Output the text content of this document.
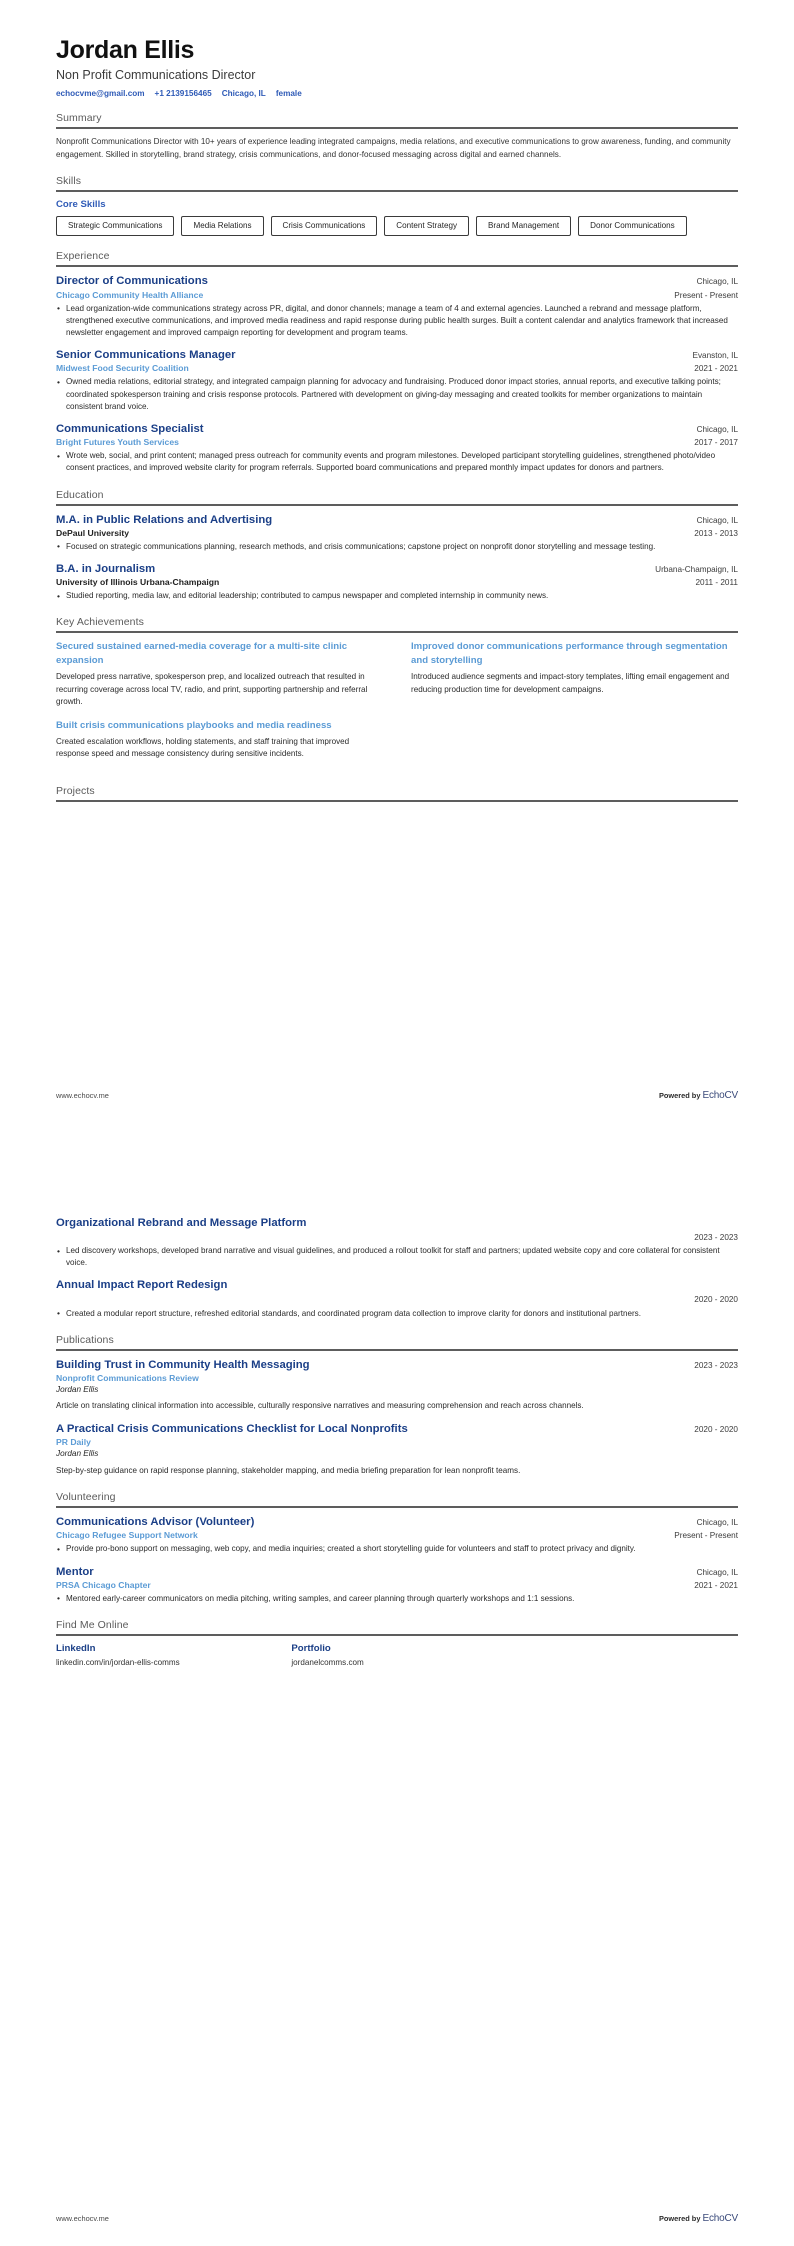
Jordan Ellis
Non Profit Communications Director
echocvme@gmail.com +1 2139156465 Chicago, IL female
Summary
Nonprofit Communications Director with 10+ years of experience leading integrated campaigns, media relations, and executive communications to grow awareness, funding, and community engagement. Skilled in storytelling, brand strategy, crisis communications, and donor-focused messaging across digital and earned channels.
Skills
Core Skills
Strategic Communications	Media Relations	Crisis Communications	Content Strategy	Brand Management	Donor Communications
Experience
Director of Communications	Chicago, IL
Chicago Community Health Alliance	Present - Present
• Lead organization-wide communications strategy across PR, digital, and donor channels; manage a team of 4 and external agencies. Launched a rebrand and message platform, strengthened executive communications, and improved media readiness and rapid response during public health surges. Built a content calendar and analytics framework that increased newsletter engagement and improved campaign reporting for development and program teams.
Senior Communications Manager	Evanston, IL
Midwest Food Security Coalition	2021 - 2021
• Owned media relations, editorial strategy, and integrated campaign planning for advocacy and fundraising. Produced donor impact stories, annual reports, and executive talking points; coordinated spokesperson training and crisis response protocols. Partnered with development on giving-day messaging and created toolkits for member organizations to maintain consistent brand voice.
Communications Specialist	Chicago, IL
Bright Futures Youth Services	2017 - 2017
• Wrote web, social, and print content; managed press outreach for community events and program milestones. Developed participant storytelling guidelines, strengthened photo/video consent practices, and improved website clarity for program referrals. Supported board communications and prepared monthly impact updates for donors and partners.
Education
M.A. in Public Relations and Advertising	Chicago, IL
DePaul University	2013 - 2013
• Focused on strategic communications planning, research methods, and crisis communications; capstone project on nonprofit donor storytelling and message testing.
B.A. in Journalism	Urbana-Champaign, IL
University of Illinois Urbana-Champaign	2011 - 2011
• Studied reporting, media law, and editorial leadership; contributed to campus newspaper and completed internship in community news.
Key Achievements
Secured sustained earned-media coverage for a multi-site clinic expansion
Developed press narrative, spokesperson prep, and localized outreach that resulted in recurring coverage across local TV, radio, and print, supporting partnership and referral growth.
Built crisis communications playbooks and media readiness
Created escalation workflows, holding statements, and staff training that improved response speed and message consistency during sensitive incidents.
Improved donor communications performance through segmentation and storytelling
Introduced audience segments and impact-story templates, lifting email engagement and reducing production time for development campaigns.
Projects
www.echocv.me	Powered by EchoCV
Organizational Rebrand and Message Platform
2023 - 2023
• Led discovery workshops, developed brand narrative and visual guidelines, and produced a rollout toolkit for staff and partners; updated website copy and core collateral for consistent voice.
Annual Impact Report Redesign
2020 - 2020
• Created a modular report structure, refreshed editorial standards, and coordinated program data collection to improve clarity for donors and institutional partners.
Publications
Building Trust in Community Health Messaging	2023 - 2023
Nonprofit Communications Review
Jordan Ellis
Article on translating clinical information into accessible, culturally responsive narratives and measuring comprehension and reach across channels.
A Practical Crisis Communications Checklist for Local Nonprofits	2020 - 2020
PR Daily
Jordan Ellis
Step-by-step guidance on rapid response planning, stakeholder mapping, and media briefing preparation for lean nonprofit teams.
Volunteering
Communications Advisor (Volunteer)	Chicago, IL
Chicago Refugee Support Network	Present - Present
• Provide pro-bono support on messaging, web copy, and media inquiries; created a short storytelling guide for volunteers and staff to protect privacy and dignity.
Mentor	Chicago, IL
PRSA Chicago Chapter	2021 - 2021
• Mentored early-career communicators on media pitching, writing samples, and career planning through quarterly workshops and 1:1 sessions.
Find Me Online
LinkedIn
linkedin.com/in/jordan-ellis-comms
Portfolio
jordanelcomms.com
www.echocv.me	Powered by EchoCV
